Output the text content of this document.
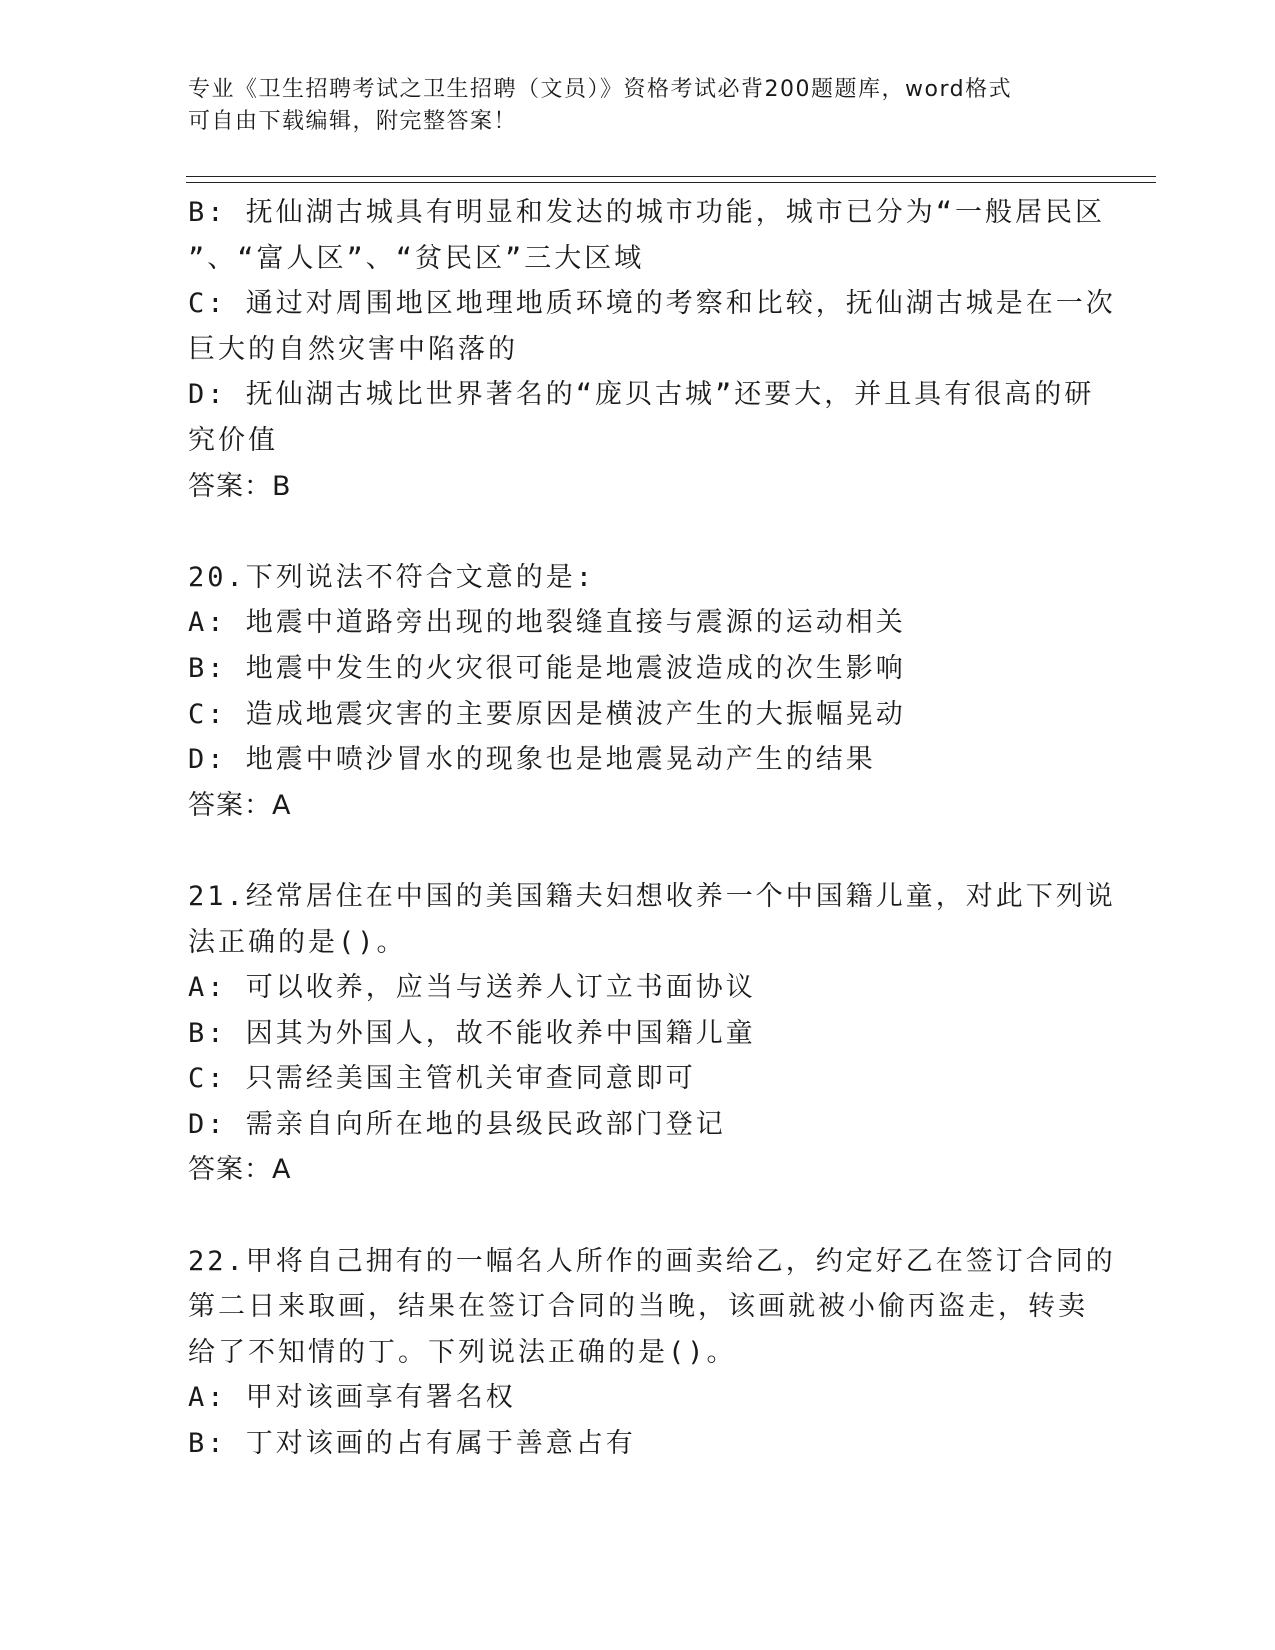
专业《卫生招聘考试之卫生招聘（文员）》资格考试必背200题题库，word格式
可自由下载编辑，附完整答案！
B: 抚仙湖古城具有明显和发达的城市功能，城市已分为“一般居民区
”、“富人区”、“贫民区”三大区域
C: 通过对周围地区地理地质环境的考察和比较，抚仙湖古城是在一次
巨大的自然灾害中陷落的
D: 抚仙湖古城比世界著名的“庞贝古城”还要大，并且具有很高的研
究价值
答案：B
20.下列说法不符合文意的是:
A: 地震中道路旁出现的地裂缝直接与震源的运动相关
B: 地震中发生的火灾很可能是地震波造成的次生影响
C: 造成地震灾害的主要原因是横波产生的大振幅晃动
D: 地震中喷沙冒水的现象也是地震晃动产生的结果
答案：A
21.经常居住在中国的美国籍夫妇想收养一个中国籍儿童，对此下列说
法正确的是()。
A: 可以收养，应当与送养人订立书面协议
B: 因其为外国人，故不能收养中国籍儿童
C: 只需经美国主管机关审查同意即可
D: 需亲自向所在地的县级民政部门登记
答案：A
22.甲将自己拥有的一幅名人所作的画卖给乙，约定好乙在签订合同的
第二日来取画，结果在签订合同的当晚，该画就被小偷丙盗走，转卖
给了不知情的丁。下列说法正确的是()。
A: 甲对该画享有署名权
B: 丁对该画的占有属于善意占有
